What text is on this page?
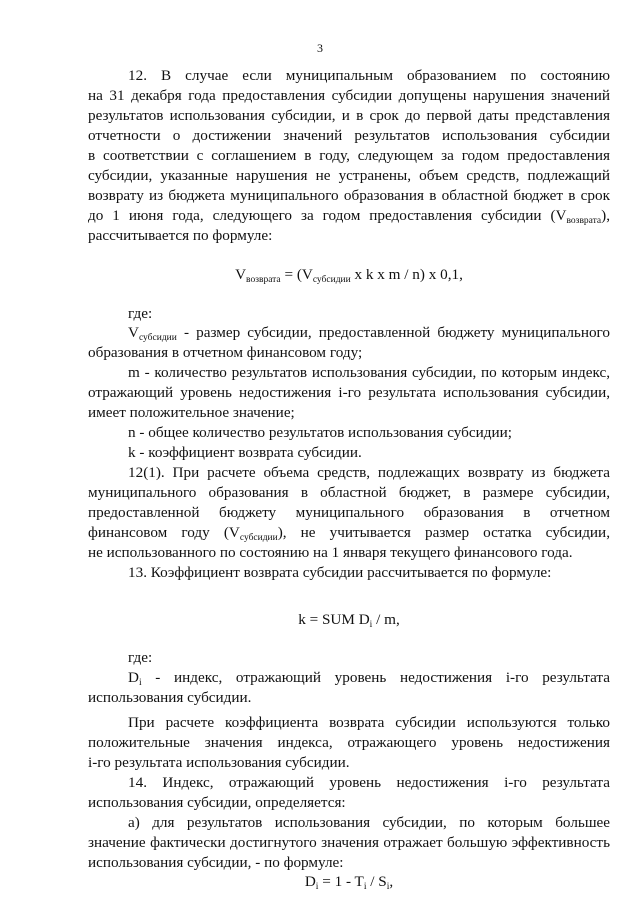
3

12. В случае если муниципальным образованием по состоянию

на 31 декабря года предоставления субсидии допущены нарушения значений

результатов использования субсидии, и в срок до первой даты представления

отчетности о достижении значений результатов использования субсидии

в соответствии с соглашением в году, следующем за годом предоставления

субсидии, указанные нарушения не устранены, объем средств, подлежащий

возврату из бюджета муниципального образования в областной бюджет в срок

до 1 июня года, следующего за годом предоставления субсидии $(V_{возврата})$,

рассчитывается по формуле:

$V_{возврата} = (V_{субсидии}$ x k x m / n) x 0,1,

где:

$V_{субсидии}$ - размер субсидии, предоставленной бюджету муниципального

образования в отчетном финансовом году;

m - количество результатов использования субсидии, по которым индекс,

отражающий уровень недостижения i-го результата использования субсидии,

имеет положительное значение;

n - общее количество результатов использования субсидии;

k - коэффициент возврата субсидии.

12(1). При расчете объема средств, подлежащих возврату из бюджета

муниципального образования в областной бюджет, в размере субсидии,

предоставленной бюджету муниципального образования в отчетном

финансовом году $(V_{субсидии})$, не учитывается размер остатка субсидии,

не использованного по состоянию на 1 января текущего финансового года.

13. Коэффициент возврата субсидии рассчитывается по формуле:

k = SUM $D_i$ / m,

где:

$D_i$ - индекс, отражающий уровень недостижения i-го результата

использования субсидии.

При расчете коэффициента возврата субсидии используются только

положительные значения индекса, отражающего уровень недостижения

i-го результата использования субсидии.

14. Индекс, отражающий уровень недостижения i-го результата

использования субсидии, определяется:

а) для результатов использования субсидии, по которым большее

значение фактически достигнутого значения отражает большую эффективность

использования субсидии, - по формуле:

$D_i = 1 - T_i / S_i$,
